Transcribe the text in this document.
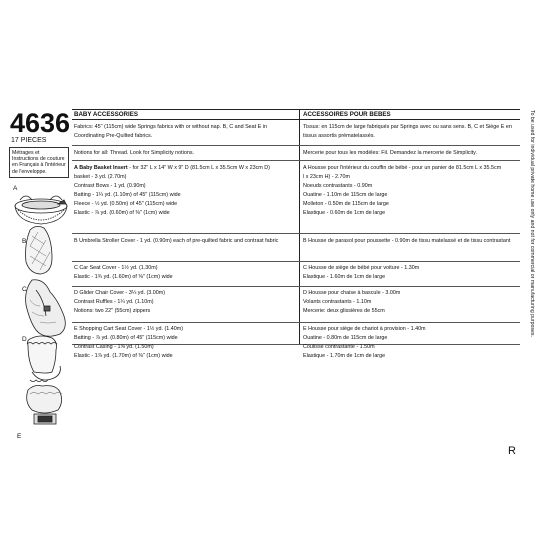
4636
17 PIECES
Métrages et Instructions de couture en Français à l'intérieur de l'enveloppe.
A
B
C
D
E
BABY ACCESSORIES
Fabrics: 45" (115cm) wide Springs fabrics with or without nap. B, C and Seat E in Coordinating Pre-Quilted fabrics.
Notions for all: Thread. Look for Simplicity notions.
A Baby Basket Insert - for 32" L x 14" W x 9" D (81.5cm L x 35.5cm W x 23cm D)
basket - 3 yd. (2.70m)
Contrast Bows - 1 yd. (0.90m)
Batting - 1¼ yd. (1.10m) of 45" (115cm) wide
Fleece - ½ yd. (0.50m) of 45" (115cm) wide
Elastic - ⅞ yd. (0.60m) of ⅜" (1cm) wide
B Umbrella Stroller Cover - 1 yd. (0.90m) each of pre-quilted fabric and contrast fabric
C Car Seat Cover - 1½ yd. (1.30m)
Elastic - 1¾ yd. (1.60m) of ⅜" (1cm) wide
D Glider Chair Cover - 3¼ yd. (3.00m)
Contrast Ruffles - 1¼ yd. (1.10m)
Notions: two 22" (55cm) zippers
E Shopping Cart Seat Cover - 1½ yd. (1.40m)
Batting - ⅞ yd. (0.80m) of 45" (115cm) wide
Contrast Casing - 1⅝ yd. (1.50m)
Elastic - 1⅞ yd. (1.70m) of ⅜" (1cm) wide
ACCESSOIRES POUR BEBES
Tissus: en 115cm de large fabriqués par Springs avec ou sans sens. B, C et Siège E en tissus assortis prématelassés.
Mercerie pour tous les modèles: Fil. Demandez la mercerie de Simplicity.
A Housse pour l'intérieur du couffin de bébé - pour un panier de 81.5cm L x 35.5cm
l x 23cm H) - 2.70m
Noeuds contrastants - 0.90m
Ouatine - 1.10m de 115cm de large
Molleton - 0.50m de 115cm de large
Elastique - 0.60m de 1cm de large
B Housse de parasol pour poussette - 0.90m de tissu matelassé et de tissu contrastant
C Housse de siège de bébé pour voiture - 1.30m
Elastique - 1.60m de 1cm de large
D Housse pour chaise à bascule - 3.00m
Volants contrastants - 1.10m
Mercerie: deux glissières de 55cm
E Housse pour siège de chariot à provision - 1.40m
Ouatine - 0.80m de 115cm de large
Coulisse contrastante - 1.50m
Elastique - 1.70m de 1cm de large
R
To be used for individual private home use only and not for commercial or manufacturing purposes.
